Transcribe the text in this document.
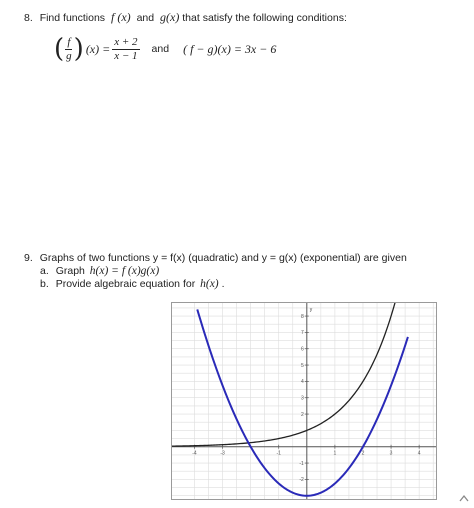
8. Find functions f (x) and g(x) that satisfy the following conditions:
( $\frac{f}{g}$ ) $(x) = \frac{x + 2}{x - 1}$ and ( f − g)(x) = 3x − 6
9. Graphs of two functions y = f(x) (quadratic) and y = g(x) (exponential) are given
a. Graph h(x) = f (x)g(x)
b. Provide algebraic equation for h(x) .
y
-4	-3	-1	1	2	3	4
8
7
6
5
4
3
2
-1
-2
